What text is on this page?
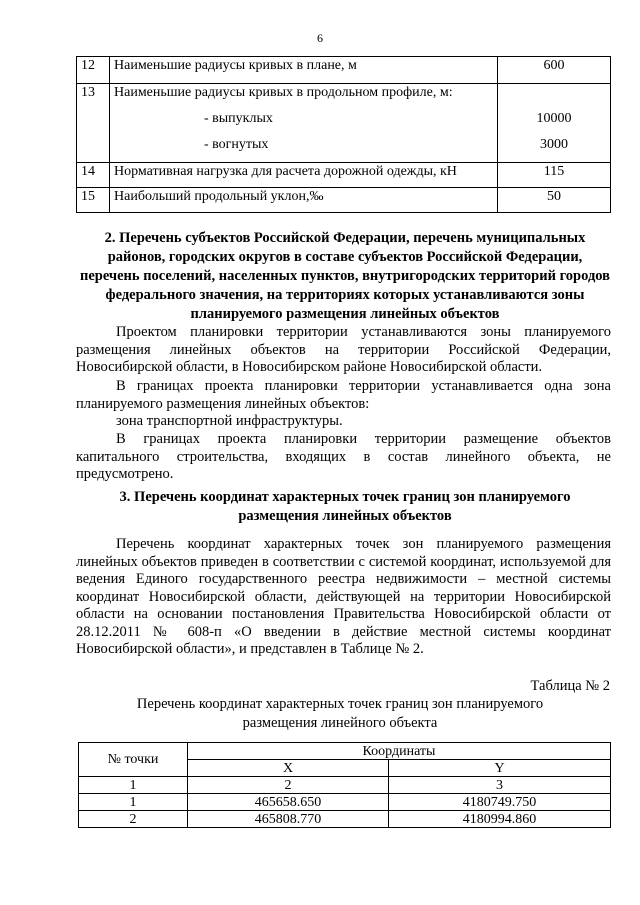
6
12	Наименьшие радиусы кривых в плане, м	600
13	Наименьшие радиусы кривых в продольном профиле, м:	
	- выпуклых	10000
	- вогнутых	3000
14	Нормативная нагрузка для расчета дорожной одежды, кН	115
15	Наибольший продольный уклон,‰	50

2. Перечень субъектов Российской Федерации, перечень муниципальных районов, городских округов в составе субъектов Российской Федерации, перечень поселений, населенных пунктов, внутригородских территорий городов федерального значения, на территориях которых устанавливаются зоны планируемого размещения линейных объектов

Проектом планировки территории устанавливаются зоны планируемого размещения линейных объектов на территории Российской Федерации, Новосибирской области, в Новосибирском районе Новосибирской области.

В границах проекта планировки территории устанавливается одна зона планируемого размещения линейных объектов:

зона транспортной инфраструктуры.

В границах проекта планировки территории размещение объектов капитального строительства, входящих в состав линейного объекта, не предусмотрено.

3. Перечень координат характерных точек границ зон планируемого размещения линейных объектов

Перечень координат характерных точек зон планируемого размещения линейных объектов приведен в соответствии с системой координат, используемой для ведения Единого государственного реестра недвижимости – местной системы координат Новосибирской области, действующей на территории Новосибирской области на основании постановления Правительства Новосибирской области от 28.12.2011 № 608-п «О введении в действие местной системы координат Новосибирской области», и представлен в Таблице № 2.

Таблица № 2
Перечень координат характерных точек границ зон планируемого размещения линейного объекта
№ точки	Координаты	
	X	Y
1	2	3
1	465658.650	4180749.750
2	465808.770	4180994.860
